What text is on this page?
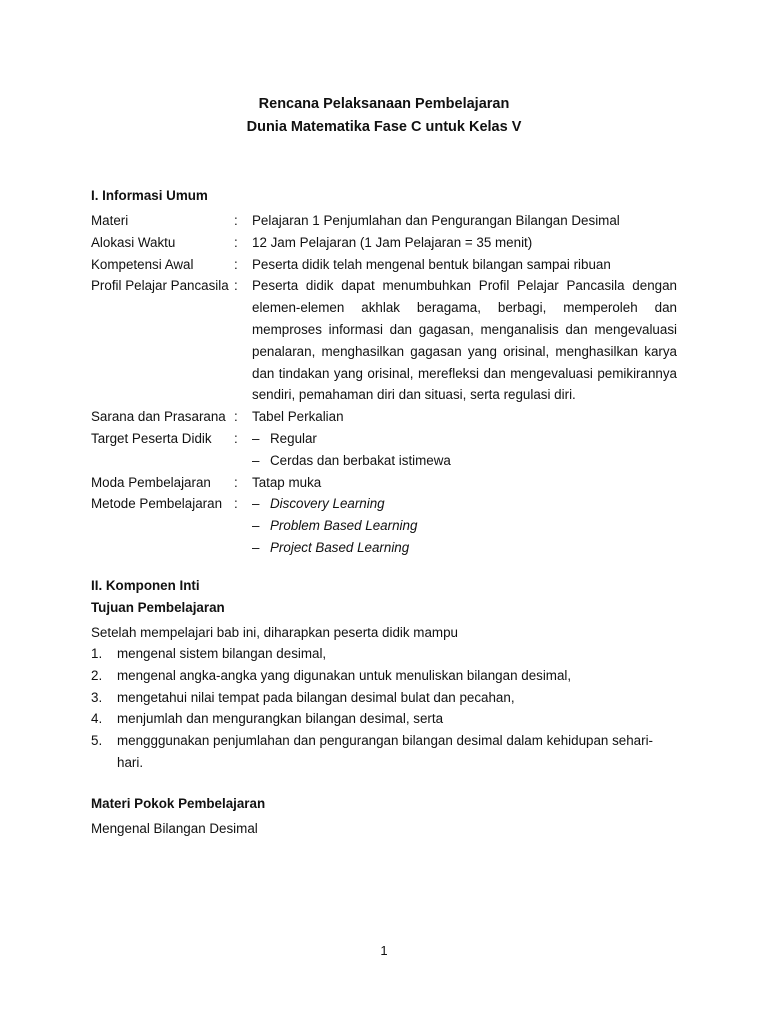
Rencana Pelaksanaan Pembelajaran
Dunia Matematika Fase C untuk Kelas V
I. Informasi Umum
Materi	:	Pelajaran 1 Penjumlahan dan Pengurangan Bilangan Desimal
Alokasi Waktu	:	12 Jam Pelajaran (1 Jam Pelajaran = 35 menit)
Kompetensi Awal	:	Peserta didik telah mengenal bentuk bilangan sampai ribuan
Profil Pelajar Pancasila :	Peserta didik dapat menumbuhkan Profil Pelajar Pancasila dengan elemen-elemen akhlak beragama, berbagi, memperoleh dan memproses informasi dan gagasan, menganalisis dan mengevaluasi penalaran, menghasilkan gagasan yang orisinal, menghasilkan karya dan tindakan yang orisinal, merefleksi dan mengevaluasi pemikirannya sendiri, pemahaman diri dan situasi, serta regulasi diri.
Sarana dan Prasarana :	Tabel Perkalian
Target Peserta Didik	:	– Regular
– Cerdas dan berbakat istimewa
Moda Pembelajaran	:	Tatap muka
Metode Pembelajaran :	– Discovery Learning
– Problem Based Learning
– Project Based Learning
II. Komponen Inti
Tujuan Pembelajaran
Setelah mempelajari bab ini, diharapkan peserta didik mampu
1.	mengenal sistem bilangan desimal,
2.	mengenal angka-angka yang digunakan untuk menuliskan bilangan desimal,
3.	mengetahui nilai tempat pada bilangan desimal bulat dan pecahan,
4.	menjumlah dan mengurangkan bilangan desimal, serta
5.	mengggunakan penjumlahan dan pengurangan bilangan desimal dalam kehidupan sehari-hari.
Materi Pokok Pembelajaran
Mengenal Bilangan Desimal
1
